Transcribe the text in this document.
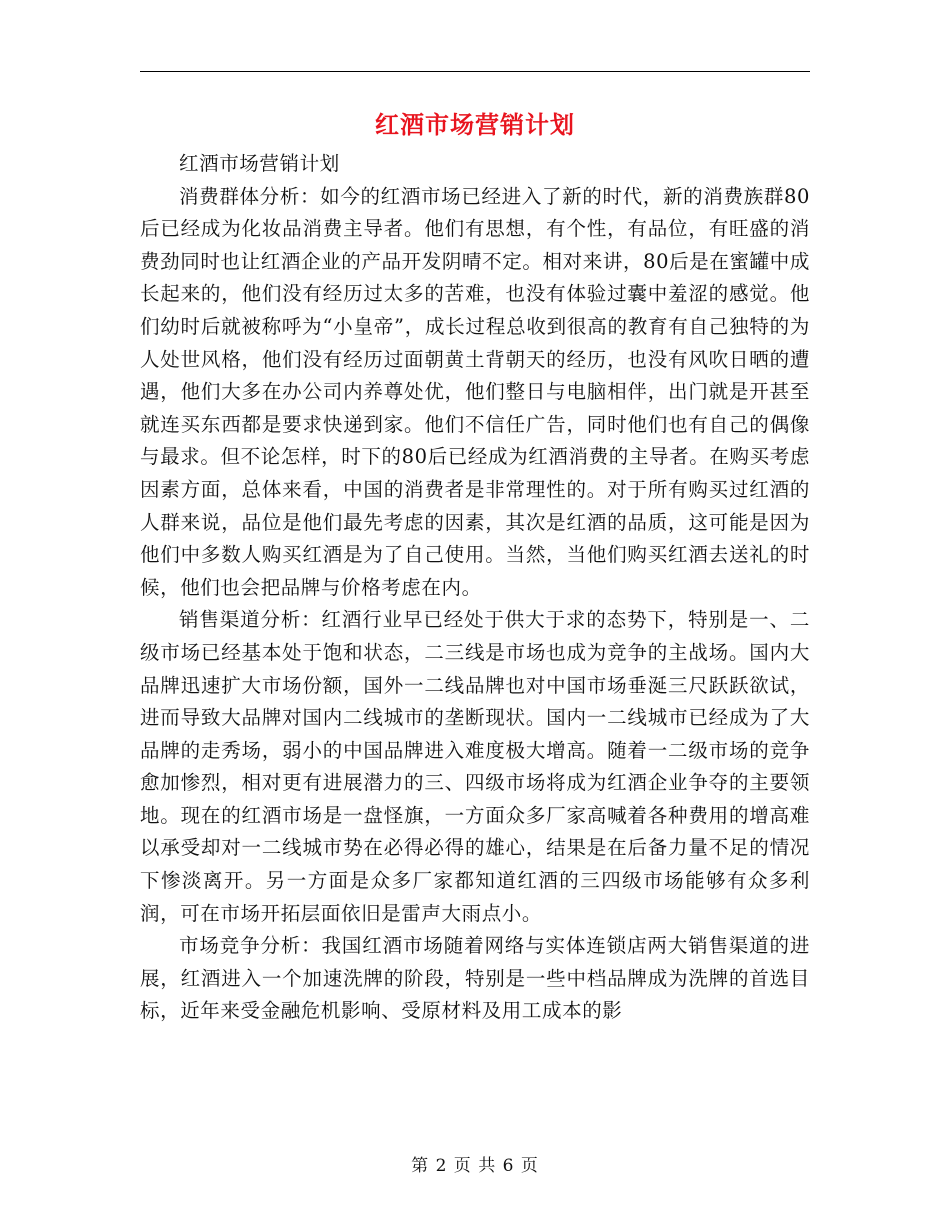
红酒市场营销计划

红酒市场营销计划

消费群体分析：如今的红酒市场已经进入了新的时代，新的消费族群80后已经成为化妆品消费主导者。他们有思想，有个性，有品位，有旺盛的消费劲同时也让红酒企业的产品开发阴晴不定。相对来讲，80后是在蜜罐中成长起来的，他们没有经历过太多的苦难，也没有体验过囊中羞涩的感觉。他们幼时后就被称呼为“小皇帝”，成长过程总收到很高的教育有自己独特的为人处世风格，他们没有经历过面朝黄土背朝天的经历，也没有风吹日晒的遭遇，他们大多在办公司内养尊处优，他们整日与电脑相伴，出门就是开甚至就连买东西都是要求快递到家。他们不信任广告，同时他们也有自己的偶像与最求。但不论怎样，时下的80后已经成为红酒消费的主导者。在购买考虑因素方面，总体来看，中国的消费者是非常理性的。对于所有购买过红酒的人群来说，品位是他们最先考虑的因素，其次是红酒的品质，这可能是因为他们中多数人购买红酒是为了自己使用。当然，当他们购买红酒去送礼的时候，他们也会把品牌与价格考虑在内。

销售渠道分析：红酒行业早已经处于供大于求的态势下，特别是一、二级市场已经基本处于饱和状态，二三线是市场也成为竞争的主战场。国内大品牌迅速扩大市场份额，国外一二线品牌也对中国市场垂涎三尺跃跃欲试，进而导致大品牌对国内二线城市的垄断现状。国内一二线城市已经成为了大品牌的走秀场，弱小的中国品牌进入难度极大增高。随着一二级市场的竞争愈加惨烈，相对更有进展潜力的三、四级市场将成为红酒企业争夺的主要领地。现在的红酒市场是一盘怪旗，一方面众多厂家高喊着各种费用的增高难以承受却对一二线城市势在必得必得的雄心，结果是在后备力量不足的情况下惨淡离开。另一方面是众多厂家都知道红酒的三四级市场能够有众多利润，可在市场开拓层面依旧是雷声大雨点小。

市场竞争分析：我国红酒市场随着网络与实体连锁店两大销售渠道的进展，红酒进入一个加速洗牌的阶段，特别是一些中档品牌成为洗牌的首选目标，近年来受金融危机影响、受原材料及用工成本的影

第 2 页 共 6 页
